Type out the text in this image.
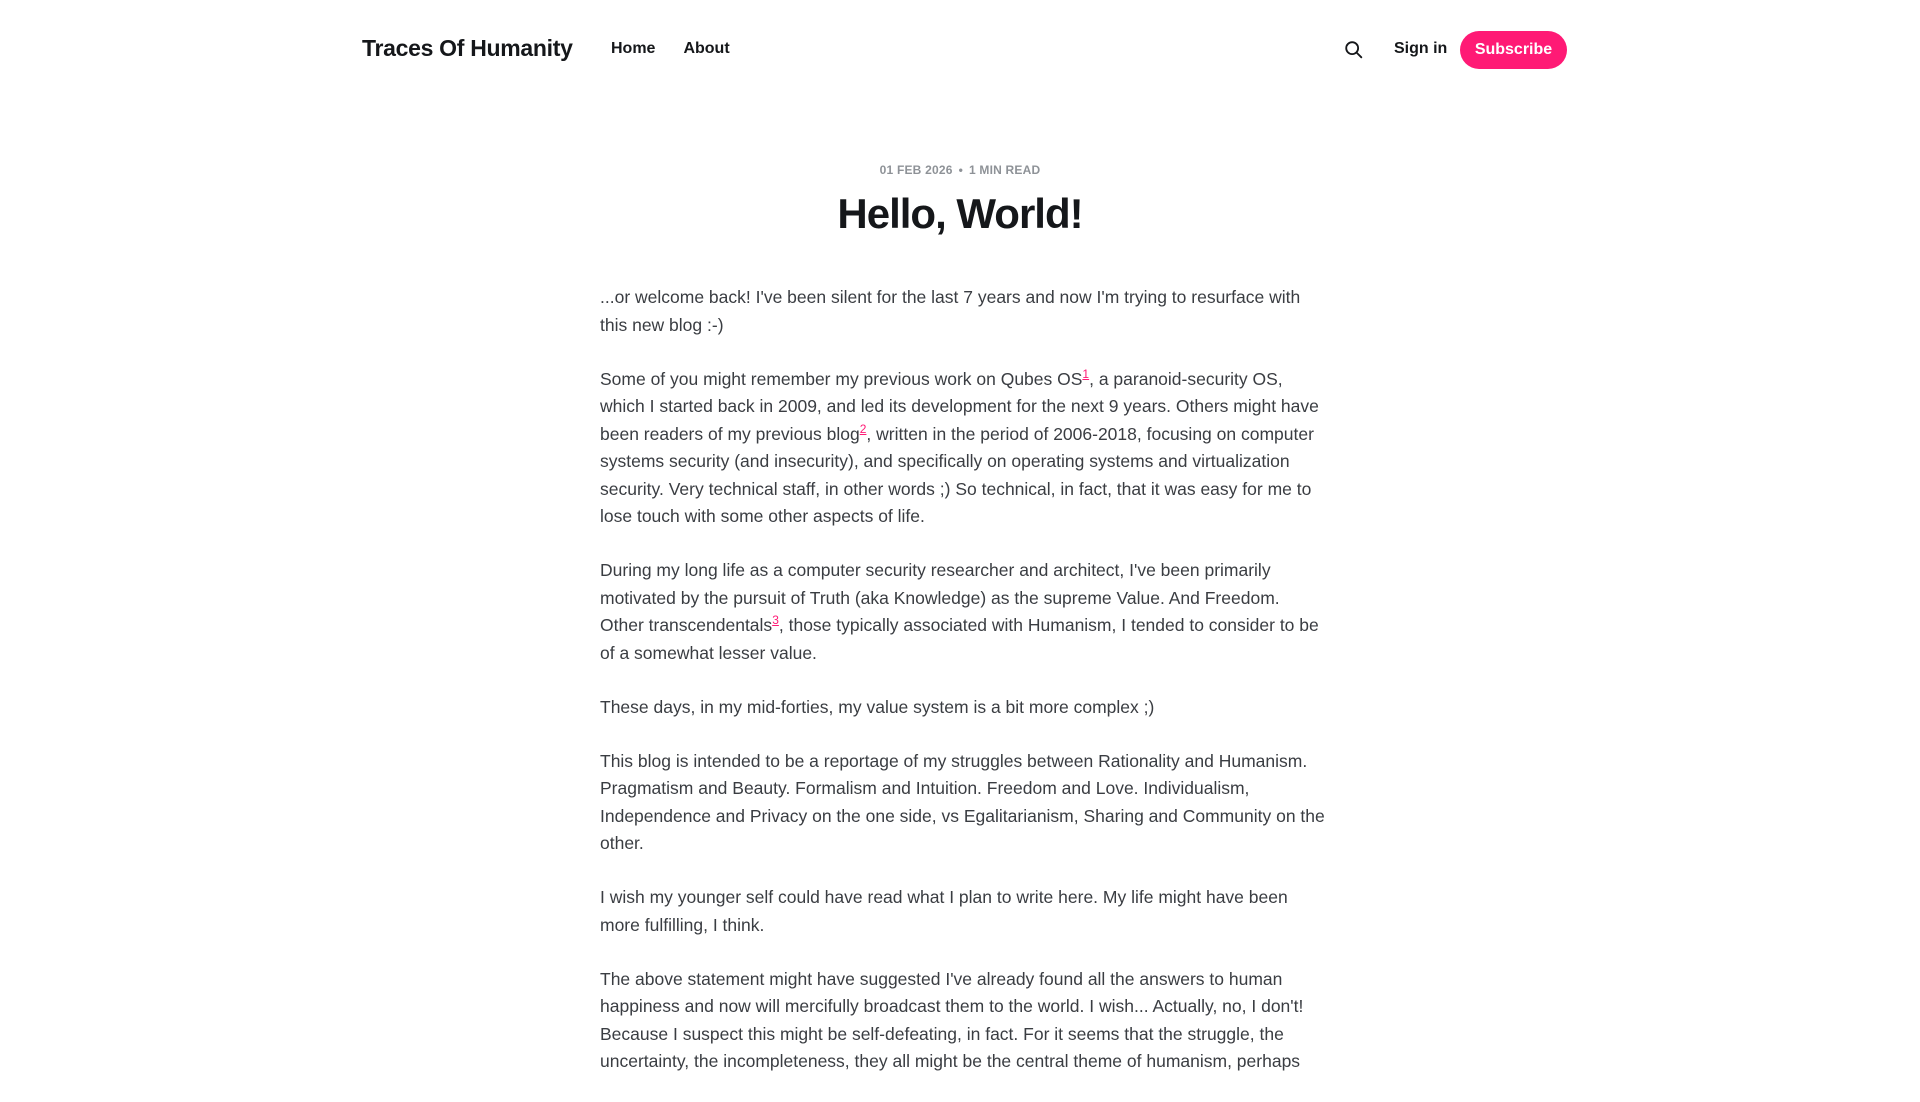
Traces Of Humanity Home About	Sign in	Subscribe
01 FEB 2026 • 1 MIN READ
Hello, World!

...or welcome back! I've been silent for the last 7 years and now I'm trying to resurface with this new blog :-)

Some of you might remember my previous work on Qubes OS$^1$, a paranoid-security OS, which I started back in 2009, and led its development for the next 9 years. Others might have been readers of my previous blog$^2$, written in the period of 2006-2018, focusing on computer systems security (and insecurity), and specifically on operating systems and virtualization security. Very technical staff, in other words ;) So technical, in fact, that it was easy for me to lose touch with some other aspects of life.

During my long life as a computer security researcher and architect, I've been primarily motivated by the pursuit of Truth (aka Knowledge) as the supreme Value. And Freedom. Other transcendentals$^3$, those typically associated with Humanism, I tended to consider to be of a somewhat lesser value.

These days, in my mid-forties, my value system is a bit more complex ;)

This blog is intended to be a reportage of my struggles between Rationality and Humanism. Pragmatism and Beauty. Formalism and Intuition. Freedom and Love. Individualism, Independence and Privacy on the one side, vs Egalitarianism, Sharing and Community on the other.

I wish my younger self could have read what I plan to write here. My life might have been more fulfilling, I think.

The above statement might have suggested I've already found all the answers to human happiness and now will mercifully broadcast them to the world. I wish... Actually, no, I don't! Because I suspect this might be self-defeating, in fact. For it seems that the struggle, the uncertainty, the incompleteness, they all might be the central theme of humanism, perhaps
